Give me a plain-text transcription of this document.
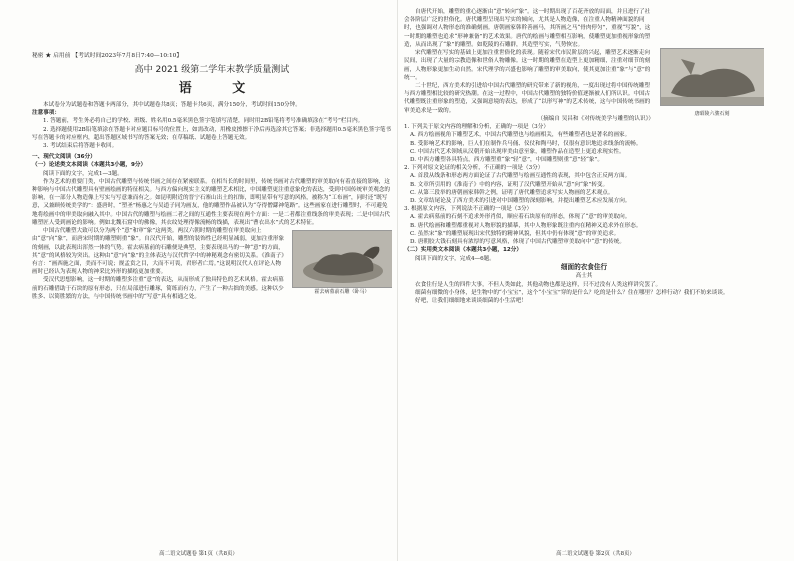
秘密 ★ 启用前 【考试时间2023年7月8日7:40—10:10】
高中 2021 级第二学年末教学质量测试
语 文

本试卷分为试题卷和答题卡两部分，其中试题卷共8页；答题卡共6页，满分150分，考试时间150分钟。

注意事项：

1. 答题前，考生务必将自己的学校、班级、姓名用0.5毫米黑色签字笔填写清楚，同时用2B铅笔将考号准确填涂在“考号”栏目内。

2. 选择题使用2B铅笔填涂在答题卡对应题目标号的位置上，如需改动，用橡皮擦擦干净后再选涂其它答案；非选择题用0.5毫米黑色签字笔书写在答题卡的对应框内，超出答题区域书写的答案无效；在草稿纸、试题卷上答题无效。

3. 考试结束后将答题卡收回。

一、现代文阅读（36分）

（一）论述类文本阅读（本题共3小题，9分）

阅读下面的文字，完成1—3题。

作为艺术的重要门类，中国古代雕塑与传统书画之间存在紧密联系。在相当长的时间里，传统书画对古代雕塑的审美取向有着直接的影响，这种影响与中国古代雕塑具有壁画绘画的特征相关。与西方偏向现实主义的雕塑艺术相比，中国雕塑更注重意象化的表达，受到中国传统审美观念的影响，在一部分人物造像上写实与写意兼而有之。如昆明附近的晋宁石寨山出土的扣饰，即明显带有写意的风格，被称为“工布画”，同时还“既写意，又兼顾传统美学的”：盛唐时，“塑圣”杨惠之与吴道子同为画友，他的雕塑作品被认为“夺得僧繇神笔路”。这些画家在进行雕塑时，不可避免地将绘画中的审美取向融入其中。中国古代的雕塑与绘画二者之间的互通性主要表现在两个方面：一是二者都注重线条的审美表现；二是中国古代雕塑匠人受到画论的影响。例如北魏石窟中的佛像，其衣纹处理得像流畅的线描，表现出“曹衣出水”式的艺术特征。

霍去病墓前石雕（卧马）

中国古代雕塑大致可以分为两个“意”和审“象”这两类。两汉六朝时期的雕塑在审美取向上由“意”向“象”，而唐宋时期的雕塑则重“象”。自汉代开始，雕塑的装饰性已经明显减弱，更加注重形象的刻画，以此表现出浑然一体的气势。霍去病墓前的石雕便是典型，主要表现出马的一种“意”的方面，其“意”的风格较为突出。这种由“意”向“象”的主体表达与汉代哲学中的神秘观念有密切关系。《淮南子》有言：“画西施之面，美而不可说；规孟贲之目，大而不可畏，君形者亡焉。”这说明汉代人在评论人物画时已经认为表现人物的神采比外形的描绘更加重要。

受汉代思想影响，这一时期的雕塑多注重“意”的表达，从而形成了独具特色的艺术风格。霍去病墓前的石雕借助于石块的原有形态，只在局部进行雕琢，简练而有力，产生了一种古拙的美感。这种以少胜多、以简胜繁的方法，与中国传统书画中的“写意”具有相通之处。

高二语文试题卷 第1页（共8页）
唐昭陵六骏石刻

自唐代开始，雕塑的重心逐渐由“意”转向“象”。这一时期出现了百花齐放的局面，并且进行了社会各阶层广泛的世俗化。唐代雕塑呈现出写实的倾向，尤其是人物造像，在注重人物精神面貌的同时，也强调对人物形态的准确刻画。唐朝画家韩幹善画马，其所画之马“骨肉停匀”，重视“写貌”，这一时期的雕塑也追求“形神兼备”的艺术效果。唐代的绘画与雕塑相互影响，使雕塑更加重视形象的塑造，从而出现了“象”的雕塑。如乾陵的石雕群，其造型写实，气势恢宏。

宋代雕塑在写实的基础上更加注重世俗化的表现。随着宋代市民阶层的兴起，雕塑艺术逐渐走向民间，出现了大量的宗教造像和世俗人物雕像。这一时期的雕塑在造型上更加精细，注重对细节的刻画，人物形象更加生动自然。宋代理学的兴盛也影响了雕塑的审美取向，使其更加注重“象”与“意”的统一。

二十世纪，西方美术的引进给中国古代雕塑的研究带来了新的视角，一度出现过将中国传统雕塑与西方雕塑相比较的研究热潮。在这一过程中，中国古代雕塑的独特价值逐渐被人们所认识。中国古代雕塑既注重形象的塑造，又强调意境的表达，形成了“以形写神”的艺术传统，这与中国传统书画的审美追求是一致的。

（摘编自 吴昌和《对传统美学与雕塑的认识》）

1. 下列关于原文内容的理解和分析，正确的一项是（3分）

A. 西方绘画视角下雕塑艺术，中国古代雕塑也与绘画相关，有些雕塑者也是著名的画家。

B. 受影响艺术的影响，巨人们在制作兵马俑、仪仗和陶马时，仅很有意识地追求线条的流畅。

C. 中国古代艺术领域从汉朝开始出现审美由意至象，雕塑作品在造型上更追求现实性。

D. 中西方雕塑各具特点，西方雕塑重“象”轻“意”，中国雕塑则重“意”轻“象”。

2. 下列对原文论证的相关分析，不正确的一项是（3分）

A. 首段从线条和形态两方面论证了古代雕塑与绘画互通性的表现，其中包含正反两方面。

B. 文章所引用的《淮南子》中的内容，证明了汉代雕塑开始从“意”向“象”转变。

C. 从第三段举的唐朝画家韩幹之例，证明了唐代雕塑追求写实人物画的艺术观点。

D. 文章结尾论及了西方美术的引进对中国雕塑的深刻影响，并提出雕塑艺术应发展方向。

3. 根据原文内容，下列说法不正确的一项是（3分）

A. 霍去病墓前的石刻不追求外形肖似，顺应着石块原有的形态，体现了“意”的审美取向。

B. 唐代绘画和雕塑都重视对人物形貌的描摹，其中人物形象既注重内在精神又追求外在形态。

C. 虽然宋“象”的雕塑展现出宋代独特的精神风貌，但其中仍有体现“意”的审美追求。

D. 唐朝胶大钱石刻具有浓厚的写意风格，体现了中国古代雕塑审美取向中“意”的传统。

（二）实用类文本阅读（本题共3小题，12分）

阅读下面的文字，完成4—6题。

细面的衣食住行
高士其

衣食住行是人生的四件大事，不但人类如此，其他动物也都是这样，只不过没有人类这样讲究罢了。

细菌有细微的小身体，是生物中的“小宝宝”，这个“小宝宝”穿的是什么？吃的是什么？住在哪里？怎样行动？我们不妨来谈谈。

好吧，让我们细细地来谈谈细菌的小生活吧！

高二语文试题卷 第2页（共8页）
